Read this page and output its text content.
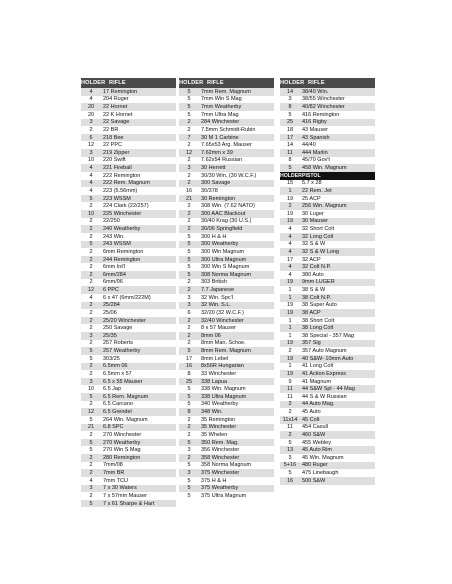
HOLDER RIFLE
4	17 Remington
4	204 Ruger
20	22 Hornet
20	22 K Hornet
3	22 Savage
2	22 BR
6	218 Bee
12	22 PPC
3	219 Zipper
10	220 Swift
4	221 Fireball
4	222 Remington
4	222 Rem. Magnum
4	223 (5.56mm)
5	223 WSSM
2	224 Clark (22/257)
10	225 Winchester
2	22/250
2	240 Weatherby
2	243 Win.
5	243 WSSM
2	6mm Remington
2	244 Remington
2	6mm Int'l
2	6mm/284
2	6mm/06
12	6 PPC
4	6 x 47 (6mm/222M)
2	25/284
2	25/06
2	25/20 Winchester
2	250 Savage
3	25/35
2	257 Roberts
5	257 Weatherby
5	303/25
2	6.5mm 06
2	6.5mm x 57
3	6.5 x 55 Mauser
10	6.5 Jap
5	6.5 Rem. Magnum
2	6.5 Carcano
12	6.5 Grendel
5	264 Win. Magnum
21	6.8 SPC
2	270 Winchester
5	270 Weatherby
5	270 Win S Mag
2	280 Remington
2	7mm/08
2	7mm BR
4	7mm TCU
3	7 x 30 Waters
2	7 x 57mm Mauser
5	7 x 61 Sharpe & Hart
HOLDER RIFLE
5	7mm Rem. Magnum
5	7mm Win S Mag
5	7mm Weatherby
5	7mm Ultra Mag
2	284 Winchester
2	7.5mm Schmidt-Rubin
7	30 M 1 Carbine
2	7.65x53 Arg. Mauser
12	7.62mm x 39
2	7.62x54 Russian
3	30 Herrett
2	30/30 Win. (30 W.C.F.)
2	300 Savage
16	30/378
21	30 Remington
2	308 Win. (7.62 NATO)
2	300 AAC Blackout
2	30/40 Krag (30 U.S.)
2	30/06 Springfield
5	300 H & H
5	300 Weatherby
5	300 Win Magnum
5	300 Ultra Magnum
5	300 Win S Magnum
5	308 Norma Magnum
2	303 British
2	7.7 Japanese
3	32 Win. Spc'l
3	32 Win. S.L.
6	32/20 (32 W.C.F.)
2	32/40 Winchester
2	8 x 57 Mauser
2	8mm 06
2	8mm Man. Schoe.
5	8mm Rem. Magnum
17	8mm Lebel
16	8x56R Hungarian
8	33 Winchester
25	338 Lapua
5	338 Win. Magnum
5	338 Ultra Magnum
5	340 Weatherby
8	348 Win.
2	35 Remington
2	35 Winchester
2	35 Whelen
5	350 Rem. Mag.
3	356 Winchester
2	358 Winchester
5	358 Norma Magnum
3	375 Winchester
5	375 H & H
5	375 Weatherby
5	375 Ultra Magnum
HOLDER RIFLE
14	38/40 Win.
3	38/55 Winchester
8	40/82 Winchester
5	416 Remington
25	416 Rigby
18	43 Mauser
17	43 Spanish
14	44/40
11	444 Marlin
8	45/70 Gov't
5	458 Win. Magnum
HOLDER PISTOL
15	5.7 x 28
1	22 Rem. Jet
19	25 ACP
2	256 Win. Magnum
19	30 Luger
19	30 Mauser
4	32 Short Colt
4	32 Long Colt
4	32 S & W
4	32 S & W Long
17	32 ACP
4	32 Colt N.P.
4	380 Auto
19	9mm LUGER
1	38 S & W
1	38 Colt N.P.
19	38 Super Auto
19	38 ACP
1	38 Short Colt
1	38 Long Colt
1	38 Special - 357 Mag
19	357 Sig
2	357 Auto Magnum
19	40 S&W- 10mm Auto
1	41 Long Colt
19	41 Action Express
9	41 Magnum
11	44 S&W Spl - 44 Mag
11	44 S & W Russian
2	44 Auto Mag.
2	45 Auto
11x14 45 Colt
11	454 Casull
2	460 S&W
5	455 Webley
13	45 Auto Rim
3	45 Win. Magnum
5+16	480 Ruger
5	475 Linebaugh
16	500 S&W
